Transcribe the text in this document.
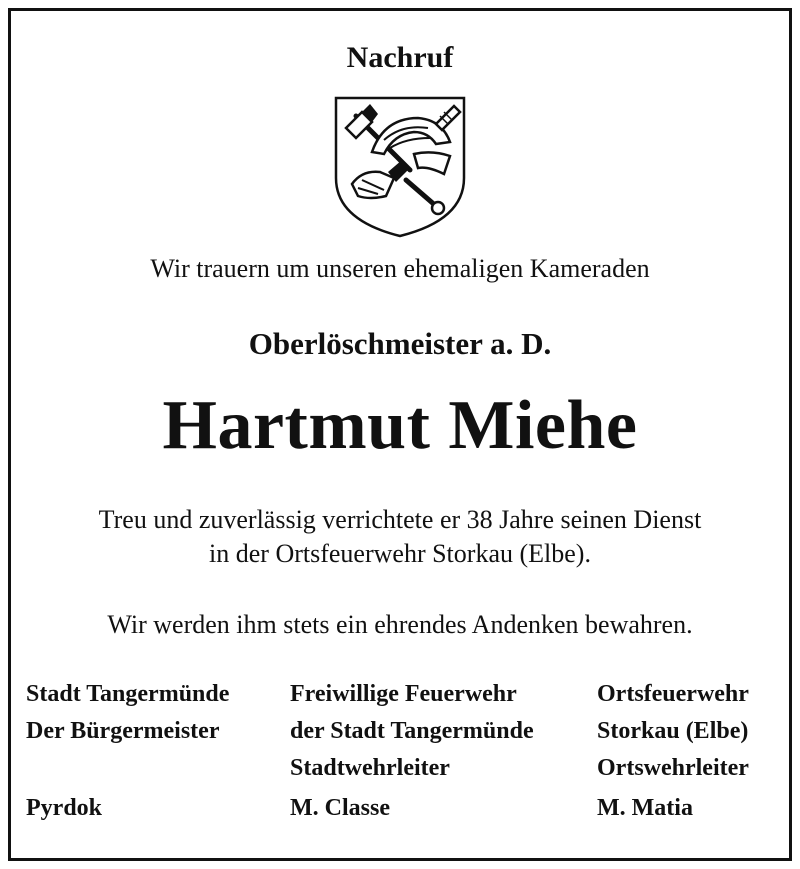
Nachruf
Wir trauern um unseren ehemaligen Kameraden
Oberlöschmeister a. D.
Hartmut Miehe
Treu und zuverlässig verrichtete er 38 Jahre seinen Dienst
in der Ortsfeuerwehr Storkau (Elbe).
Wir werden ihm stets ein ehrendes Andenken bewahren.
Stadt Tangermünde
Der Bürgermeister
Freiwillige Feuerwehr
der Stadt Tangermünde
Stadtwehrleiter
Ortsfeuerwehr
Storkau (Elbe)
Ortswehrleiter
Pyrdok	M. Classe	M. Matia
